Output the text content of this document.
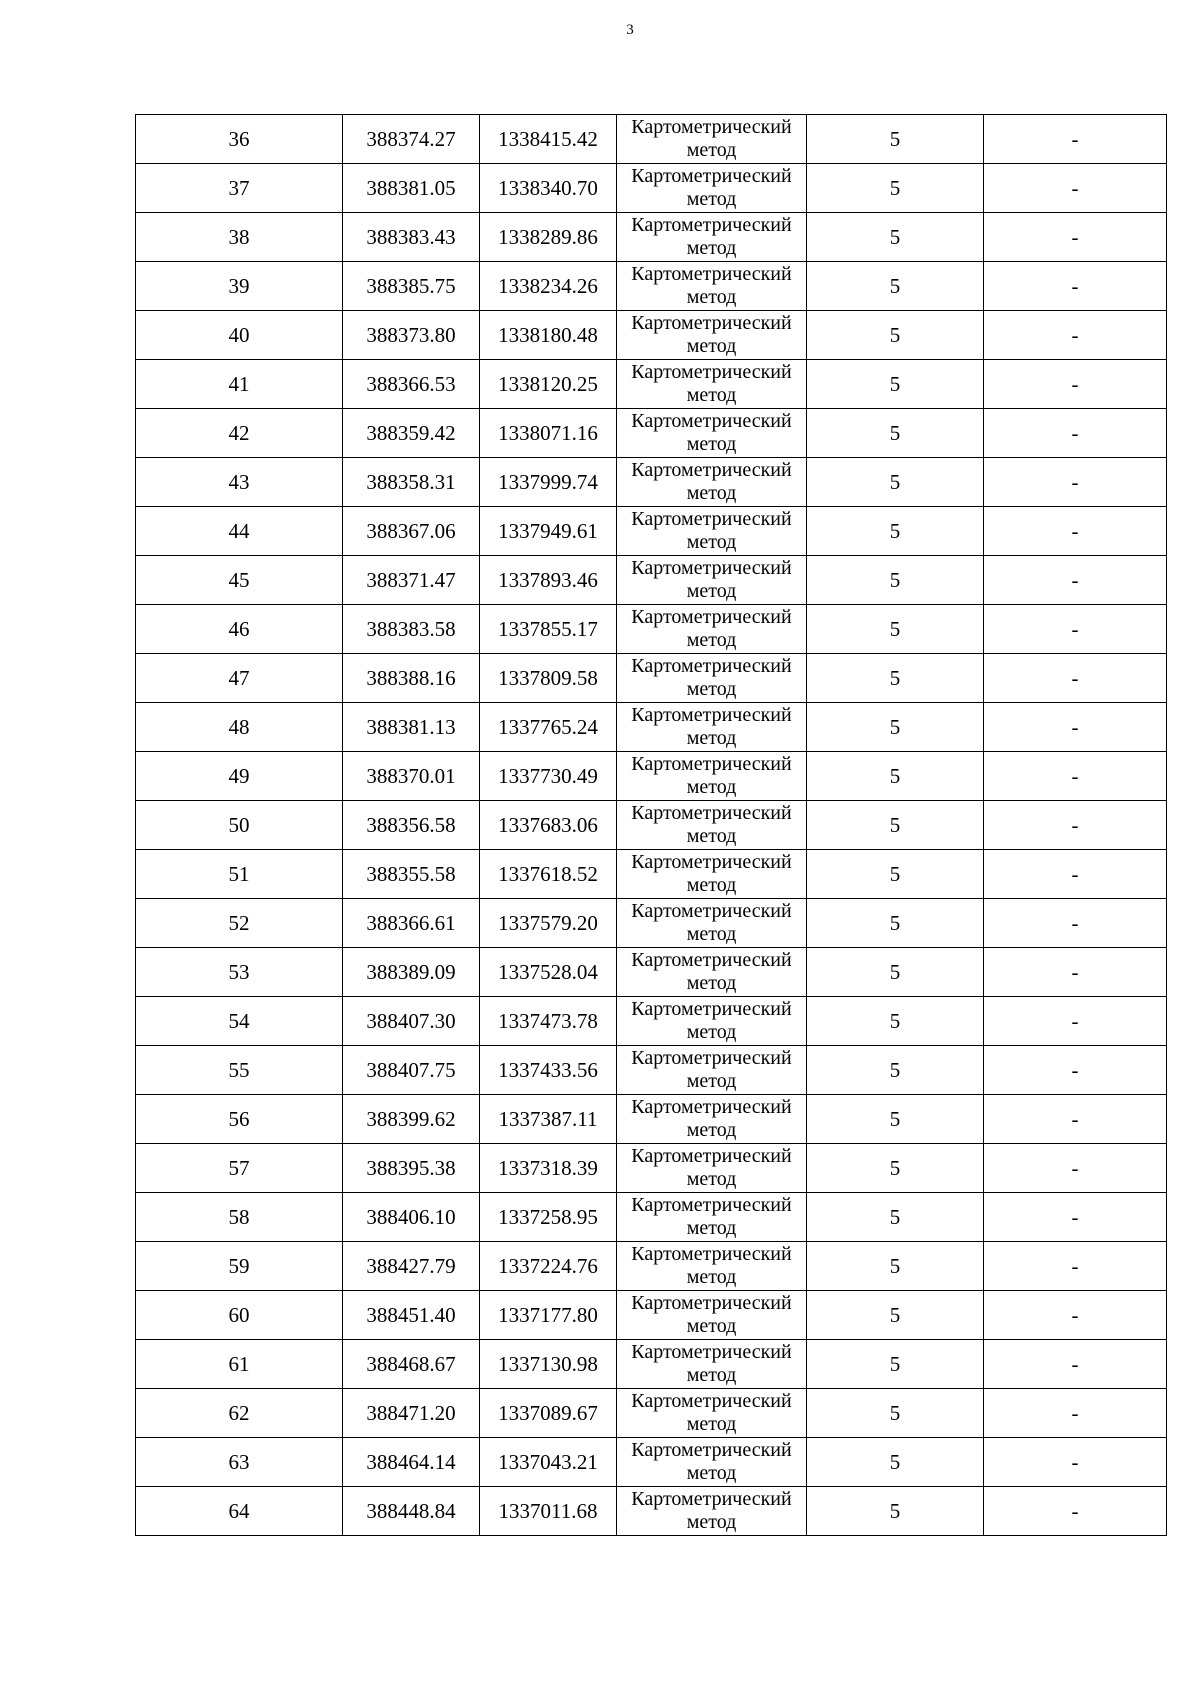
3
36	388374.27	1338415.42	Картометрический метод	5	-
37	388381.05	1338340.70	Картометрический метод	5	-
38	388383.43	1338289.86	Картометрический метод	5	-
39	388385.75	1338234.26	Картометрический метод	5	-
40	388373.80	1338180.48	Картометрический метод	5	-
41	388366.53	1338120.25	Картометрический метод	5	-
42	388359.42	1338071.16	Картометрический метод	5	-
43	388358.31	1337999.74	Картометрический метод	5	-
44	388367.06	1337949.61	Картометрический метод	5	-
45	388371.47	1337893.46	Картометрический метод	5	-
46	388383.58	1337855.17	Картометрический метод	5	-
47	388388.16	1337809.58	Картометрический метод	5	-
48	388381.13	1337765.24	Картометрический метод	5	-
49	388370.01	1337730.49	Картометрический метод	5	-
50	388356.58	1337683.06	Картометрический метод	5	-
51	388355.58	1337618.52	Картометрический метод	5	-
52	388366.61	1337579.20	Картометрический метод	5	-
53	388389.09	1337528.04	Картометрический метод	5	-
54	388407.30	1337473.78	Картометрический метод	5	-
55	388407.75	1337433.56	Картометрический метод	5	-
56	388399.62	1337387.11	Картометрический метод	5	-
57	388395.38	1337318.39	Картометрический метод	5	-
58	388406.10	1337258.95	Картометрический метод	5	-
59	388427.79	1337224.76	Картометрический метод	5	-
60	388451.40	1337177.80	Картометрический метод	5	-
61	388468.67	1337130.98	Картометрический метод	5	-
62	388471.20	1337089.67	Картометрический метод	5	-
63	388464.14	1337043.21	Картометрический метод	5	-
64	388448.84	1337011.68	Картометрический метод	5	-
